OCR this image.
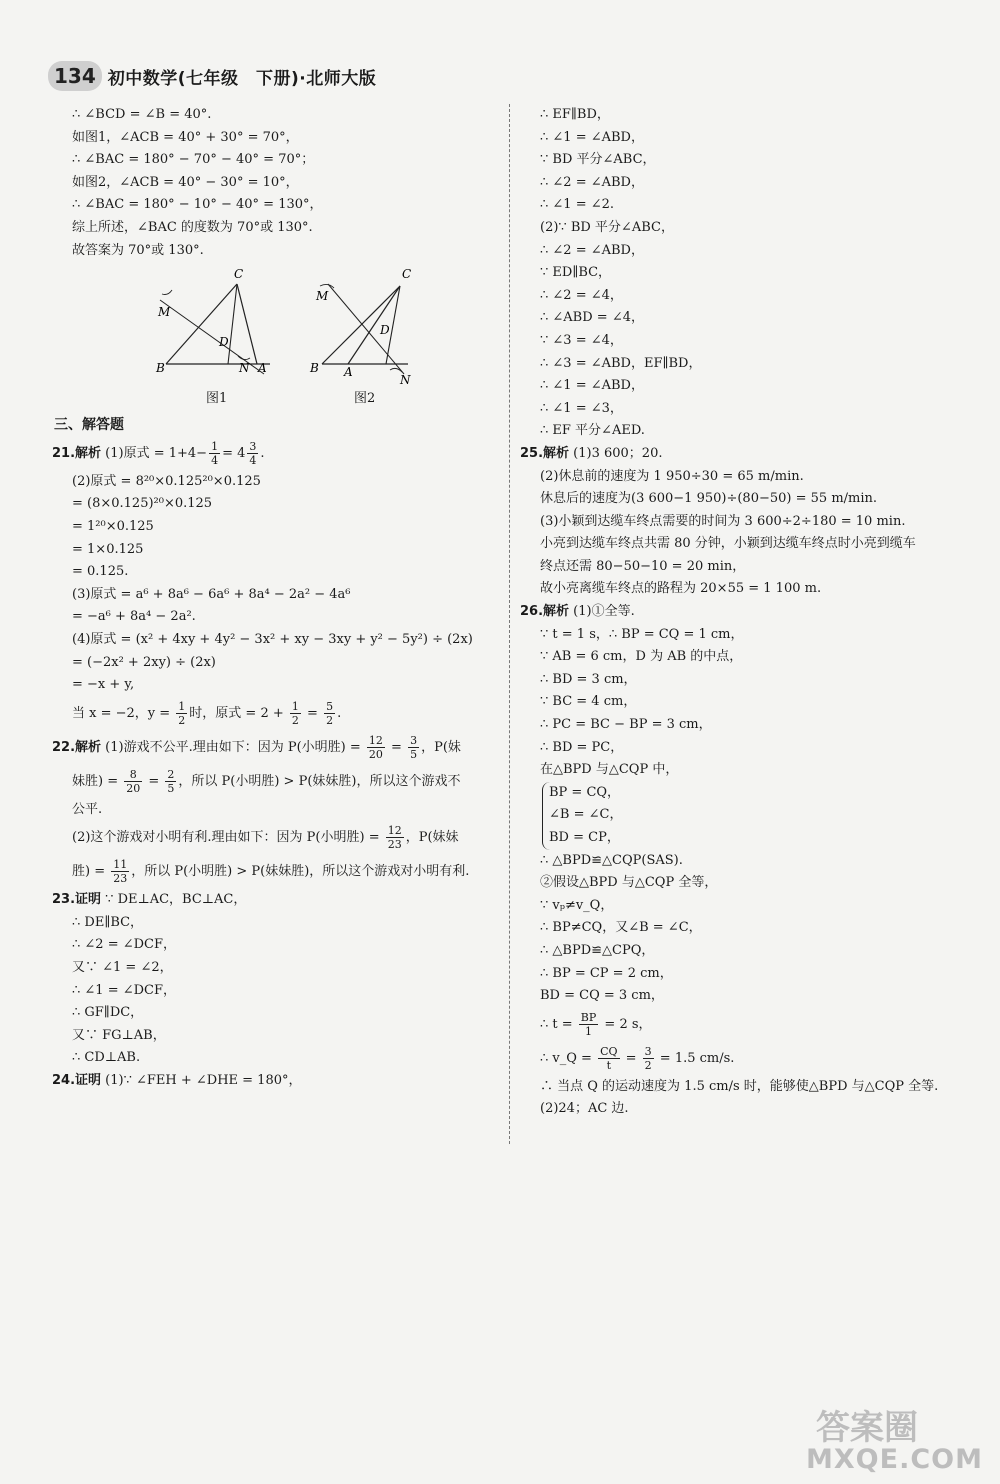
134 初中数学(七年级　下册)·北师大版
∴ ∠BCD = ∠B = 40°.
如图1，∠ACB = 40° + 30° = 70°，
∴ ∠BAC = 180° − 70° − 40° = 70°；
如图2，∠ACB = 40° − 30° = 10°，
∴ ∠BAC = 180° − 10° − 40° = 130°，
综上所述，∠BAC 的度数为 70°或 130°.
故答案为 70°或 130°.
M
C
D
B	N A
图1
M
C
D
B A
N
图2
三、解答题
21.解析 (1)原式 = $1+4- \frac{1}{4} = 4 \frac{3}{4}$ .
(2)原式 = 8²⁰×0.125²⁰×0.125
= (8×0.125)²⁰×0.125
= 1²⁰×0.125
= 1×0.125
= 0.125.
(3)原式 = a⁶ + 8a⁶ − 6a⁶ + 8a⁴ − 2a² − 4a⁶
= −a⁶ + 8a⁴ − 2a².
(4)原式 = (x² + 4xy + 4y² − 3x² + xy − 3xy + y² − 5y²) ÷ (2x)
= (−2x² + 2xy) ÷ (2x)
= −x + y,
当 x = −2，$y = \frac{1}{2}$ 时，原式 = $2 + \frac{1}{2} = \frac{5}{2}$ .
22.解析 (1)游戏不公平.理由如下：因为 P(小明胜) = $\frac{12}{20} = \frac{3}{5}$ ，P(妹
妹胜) = $\frac{8}{20} = \frac{2}{5}$ ，所以 P(小明胜) > P(妹妹胜)，所以这个游戏不
公平.
(2)这个游戏对小明有利.理由如下：因为 P(小明胜) = $\frac{12}{23}$ ，P(妹妹
胜) = $\frac{11}{23}$ ，所以 P(小明胜) > P(妹妹胜)，所以这个游戏对小明有利.
23.证明 ∵ DE⊥AC，BC⊥AC，
∴ DE∥BC，
∴ ∠2 = ∠DCF，
又∵ ∠1 = ∠2，
∴ ∠1 = ∠DCF，
∴ GF∥DC，
又∵ FG⊥AB，
∴ CD⊥AB.
24.证明 (1)∵ ∠FEH + ∠DHE = 180°，
∴ EF∥BD，
∴ ∠1 = ∠ABD，
∵ BD 平分∠ABC，
∴ ∠2 = ∠ABD，
∴ ∠1 = ∠2.
(2)∵ BD 平分∠ABC，
∴ ∠2 = ∠ABD，
∵ ED∥BC，
∴ ∠2 = ∠4，
∴ ∠ABD = ∠4，
∵ ∠3 = ∠4，
∴ ∠3 = ∠ABD，EF∥BD，
∴ ∠1 = ∠ABD，
∴ ∠1 = ∠3，
∴ EF 平分∠AED.
25.解析 (1)3 600；20.
(2)休息前的速度为 1 950÷30 = 65 m/min.
休息后的速度为(3 600−1 950)÷(80−50) = 55 m/min.
(3)小颖到达缆车终点需要的时间为 3 600÷2÷180 = 10 min.
小亮到达缆车终点共需 80 分钟，小颖到达缆车终点时小亮到缆车
终点还需 80−50−10 = 20 min，
故小亮离缆车终点的路程为 20×55 = 1 100 m.
26.解析 (1)①全等.
∵ t = 1 s，∴ BP = CQ = 1 cm，
∵ AB = 6 cm，D 为 AB 的中点，
∴ BD = 3 cm，
∵ BC = 4 cm，
∴ PC = BC − BP = 3 cm，
∴ BD = PC，
在△BPD 与△CQP 中，
BP = CQ，
∠B = ∠C，
BD = CP，
∴ △BPD≌△CQP(SAS).
②假设△BPD 与△CQP 全等，
∵ vₚ≠v_Q，
∴ BP≠CQ，又∠B = ∠C，
∴ △BPD≌△CPQ，
∴ BP = CP = 2 cm，
BD = CQ = 3 cm，
∴ $t = \frac{BP}{1} = 2$ s，
∴ v_Q = $\frac{CQ}{t} = \frac{3}{2} = 1.5$ cm/s.
∴ 当点 Q 的运动速度为 1.5 cm/s 时，能够使△BPD 与△CQP 全等.
(2)24；AC 边.
答案圈
MXQE.COM
